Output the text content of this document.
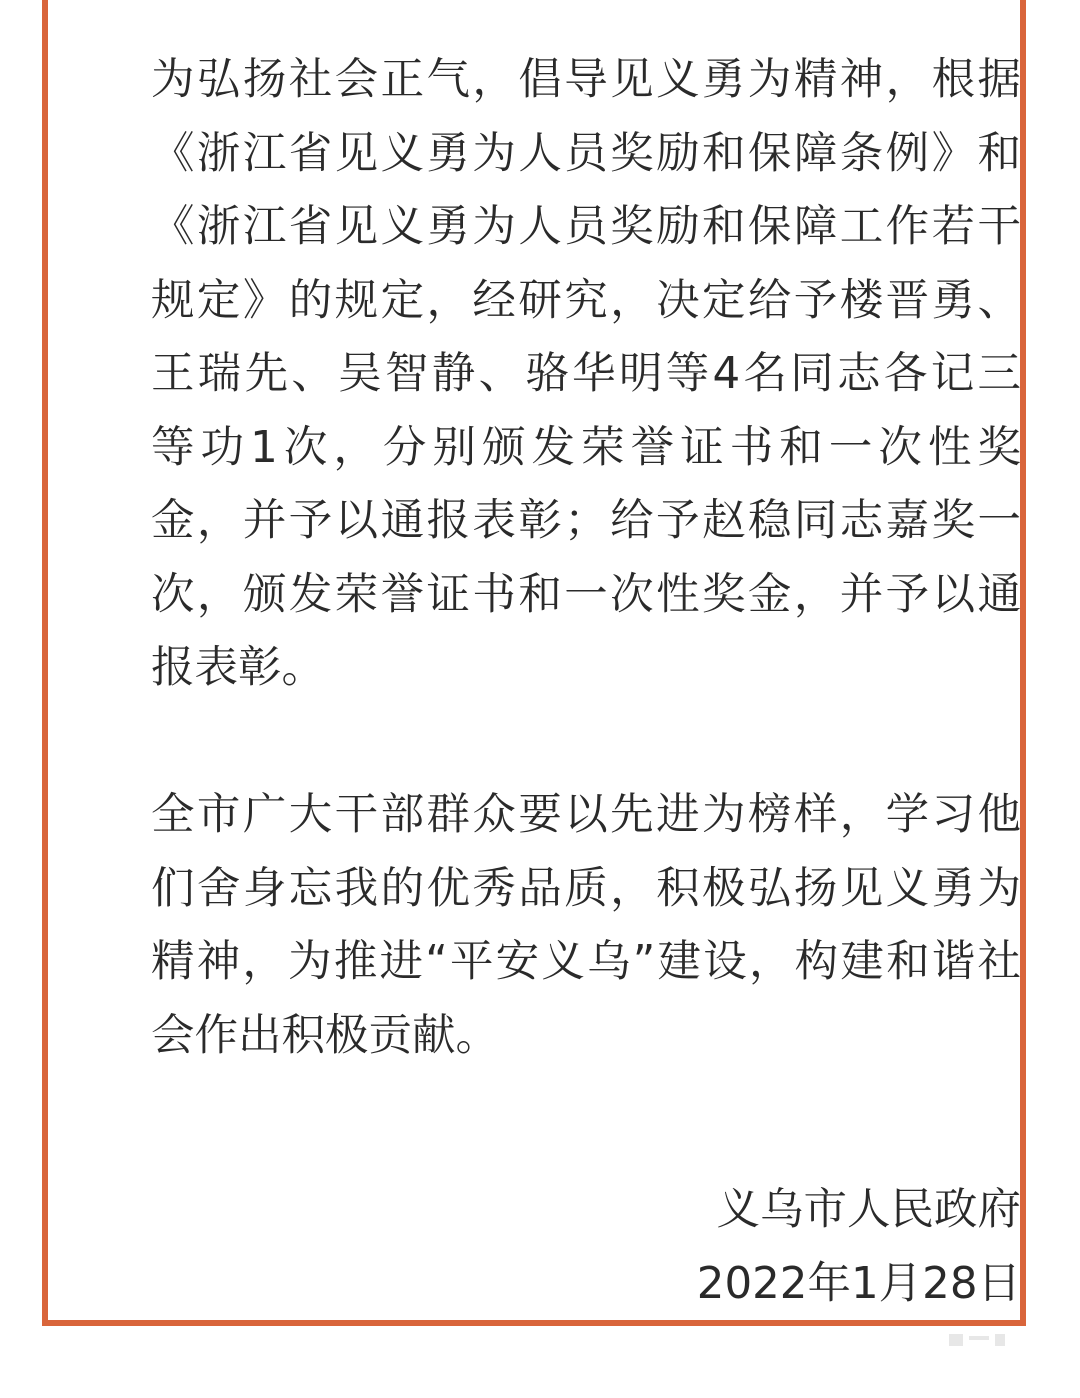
为弘扬社会正气，倡导见义勇为精神，根据

《浙江省见义勇为人员奖励和保障条例》和

《浙江省见义勇为人员奖励和保障工作若干

规定》的规定，经研究，决定给予楼晋勇、

王瑞先、吴智静、骆华明等4名同志各记三

等功1次，分别颁发荣誉证书和一次性奖

金，并予以通报表彰；给予赵稳同志嘉奖一

次，颁发荣誉证书和一次性奖金，并予以通

报表彰。

全市广大干部群众要以先进为榜样，学习他

们舍身忘我的优秀品质，积极弘扬见义勇为

精神，为推进“平安义乌”建设，构建和谐社

会作出积极贡献。

义乌市人民政府
2022年1月28日
